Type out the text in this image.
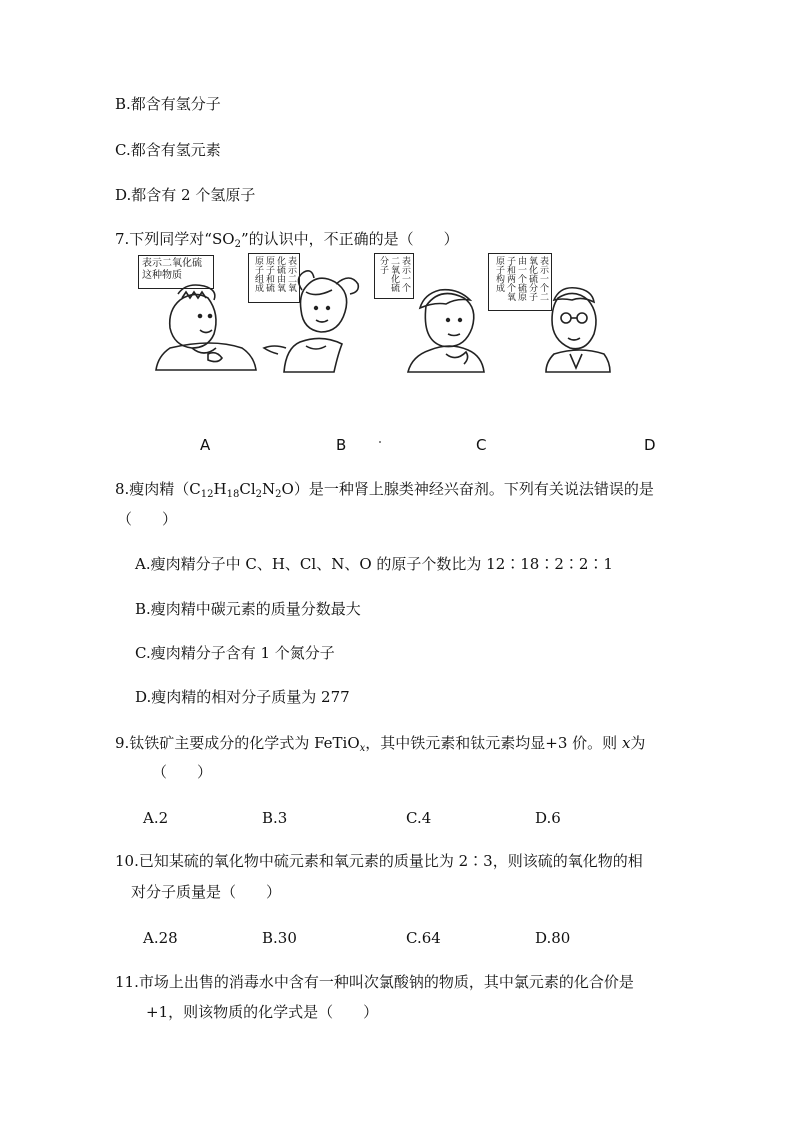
B.都含有氢分子
C.都含有氢元素
D.都含有 2 个氢原子
7.下列同学对“$SO_2$”的认识中，不正确的是（　　）
表示二氧化硫这种物质	表示二氧化硫由氧原子和硫原子组成	表示一个二氧化硫分子	表示一个二氧化硫分子由一个硫原子和两个氧原子构成
A	B	C	D
8.瘦肉精$(C_{12}H_{18}Cl_2N_2O)$是一种肾上腺类神经兴奋剂。下列有关说法错误的是
（　　）
A.瘦肉精分子中 C、H、Cl、N、O 的原子个数比为 12∶18∶2∶2∶1
B.瘦肉精中碳元素的质量分数最大
C.瘦肉精分子含有 1 个氮分子
D.瘦肉精的相对分子质量为 277
9.钛铁矿主要成分的化学式为 FeTiO$_x$，其中铁元素和钛元素均显+3 价。则 x为
（　　）
A.2	B.3	C.4	D.6
10.已知某硫的氧化物中硫元素和氧元素的质量比为 2∶3，则该硫的氧化物的相
对分子质量是（　　）
A.28	B.30	C.64	D.80
11.市场上出售的消毒水中含有一种叫次氯酸钠的物质，其中氯元素的化合价是
+1，则该物质的化学式是（　　）
